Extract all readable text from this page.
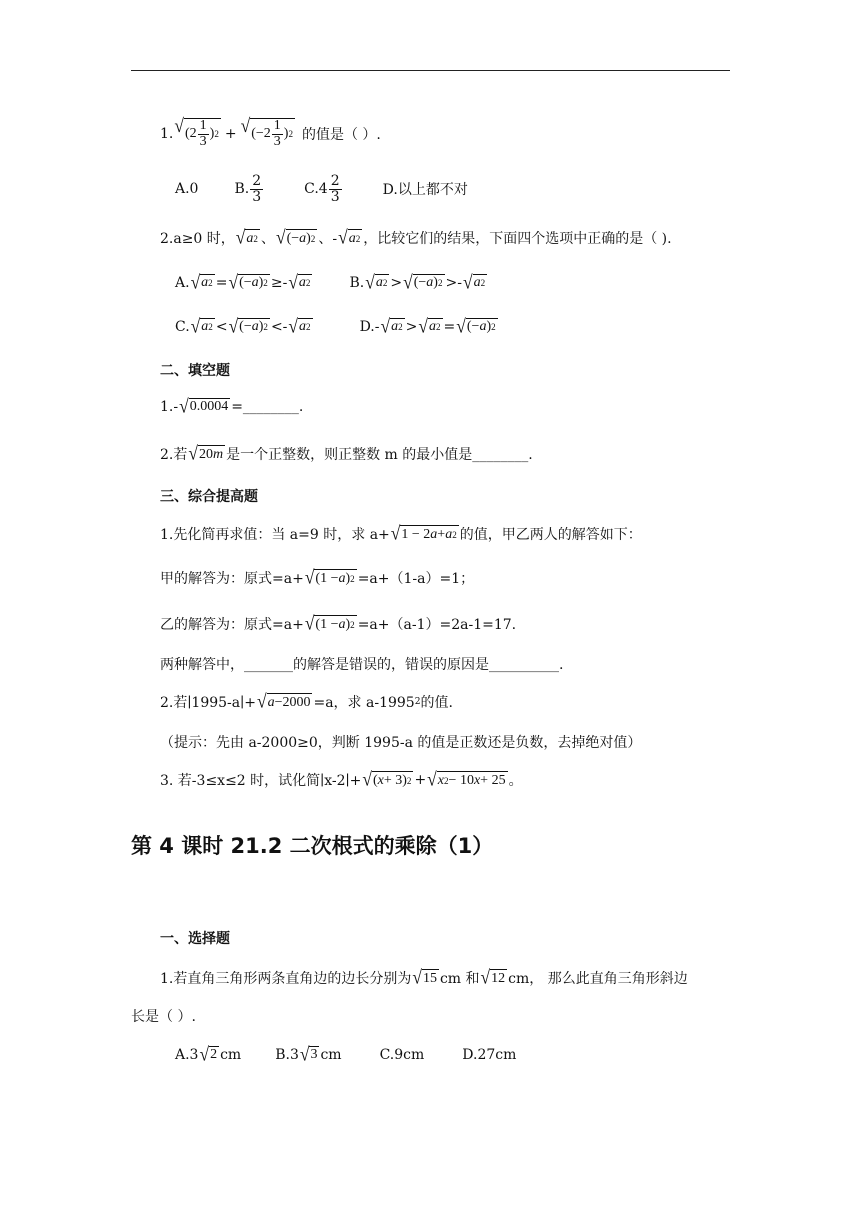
1. √ ($2 \frac{1}{3}$ ) 2 + √ ($-2 \frac{1}{3}$ ) 2 的值是（ ）.
A.0	B. $\frac{2}{3}$	$C.4 \frac{2}{3}$	D.以上都不对
2.a≥0 时， √ a 2 、 √ (− a ) 2 、- √ a 2 ，比较它们的结果，下面四个选项中正确的是（ ).
A. √ a 2 = √ (− a ) 2 ≥- √ a 2	B. √ a 2 > √ (− a ) 2 >- √ a 2
C. √ a 2 < √ (− a ) 2 <- √ a 2	D.- √ a 2 > √ a 2 = √ (− a ) 2
二、填空题
1.- √ 0.0004 =________.
2.若 √ 20 m 是一个正整数，则正整数 m 的最小值是________.
三、综合提高题
1.先化简再求值：当 a=9 时，求 a+ √ 1 − 2 a + a 2 的值，甲乙两人的解答如下：
甲的解答为：原式=a+ √ (1 − a ) 2 =a+（1-a）=1；
乙的解答为：原式=a+ √ (1 − a ) 2 =a+（a-1）=2a-1=17.
两种解答中，_______的解答是错误的，错误的原因是__________.
2.若∣1995-a∣+ √ a − 2000 =a，求 a-1995 2 的值.
（提示：先由 a-2000≥0，判断 1995-a 的值是正数还是负数，去掉绝对值）
3. 若-3≤x≤2 时，试化简∣x-2∣+ √ ( x + 3) 2 + √ x 2 − 10 x + 25 。
第 4 课时 21.2 二次根式的乘除（1）
一、选择题
1.若直角三角形两条直角边的边长分别为 √ 15 cm 和 √ 12 cm， 那么此直角三角形斜边
长是（ ）.
A.3 √ 2 cm B.3 √ 3 cm	C.9cm	D.27cm
